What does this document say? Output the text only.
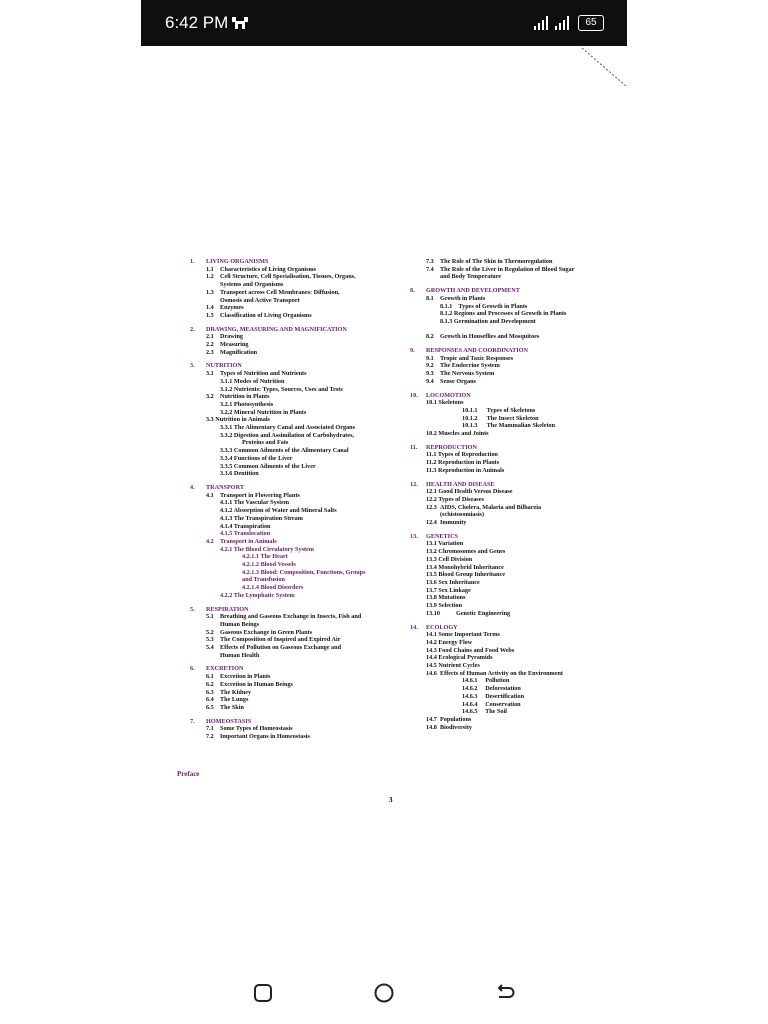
6:42 PM	65
1.	LIVING ORGANISMS
1.1	Characteristics of Living Organisms
1.2	Cell Structure, Cell Specialisation, Tissues, Organs,
Systems and Organisms
1.3	Transport across Cell Membranes: Diffusion,
Osmosis and Active Transport
1.4	Enzymes
1.5	Classification of Living Organisms
2.	DRAWING, MEASURING AND MAGNIFICATION
2.1	Drawing
2.2	Measuring
2.3	Magnification
3.	NUTRITION
3.1	Types of Nutrition and Nutrients
3.1.1 Modes of Nutrition
3.1.2 Nutrients: Types, Sources, Uses and Tests
3.2	Nutrition in Plants
3.2.1 Photosynthesis
3.2.2 Mineral Nutrition in Plants
3.3 Nutrition in Animals
3.3.1 The Alimentary Canal and Associated Organs
3.3.2 Digestion and Assimilation of Carbohydrates,
Proteins and Fats
3.3.3 Common Ailments of the Alimentary Canal
3.3.4 Functions of the Liver
3.3.5 Common Ailments of the Liver
3.3.6 Dentition
4.	TRANSPORT
4.1	Transport in Flowering Plants
4.1.1 The Vascular System
4.1.2 Absorption of Water and Mineral Salts
4.1.3 The Transpiration Stream
4.1.4 Transpiration
4.1.5 Translocation
4.2	Transport in Animals
4.2.1 The Blood Circulatory System
4.2.1.1 The Heart
4.2.1.2 Blood Vessels
4.2.1.3 Blood: Composition, Functions, Groups
and Transfusion
4.2.1.4 Blood Disorders
4.2.2 The Lymphatic System
5.	RESPIRATION
5.1	Breathing and Gaseous Exchange in Insects, Fish and
Human Beings
5.2	Gaseous Exchange in Green Plants
5.3	The Composition of Inspired and Expired Air
5.4	Effects of Pollution on Gaseous Exchange and
Human Health
6.	EXCRETION
6.1	Excretion in Plants
6.2	Excretion in Human Beings
6.3	The Kidney
6.4	The Lungs
6.5	The Skin
7.	HOMEOSTASIS
7.1	Some Types of Homeostasis
7.2	Important Organs in Homeostasis
7.3	The Role of The Skin in Thermoregulation
7.4	The Role of the Liver in Regulation of Blood Sugar
and Body Temperature
8.	GROWTH AND DEVELOPMENT
8.1	Growth in Plants
8.1.1    Types of Growth in Plants
8.1.2 Regions and Processes of Growth in Plants
8.1.3 Germination and Development
8.2	Growth in Houseflies and Mosquitoes
9.	RESPONSES AND COORDINATION
9.1	Tropic and Taxic Responses
9.2	The Endocrine System
9.3	The Nervous System
9.4	Sense Organs
10.	LOCOMOTION
10.1 Skeletons
10.1.1      Types of Skeletons
10.1.2      The Insect Skeleton
10.1.3      The Mammalian Skeleton
10.2 Muscles and Joints
11.	REPRODUCTION
11.1 Types of Reproduction
11.2 Reproduction in Plants
11.3 Reproduction in Animals
12.	HEALTH AND DISEASE
12.1 Good Health Versus Disease
12.2 Types of Diseases
12.3 AIDS, Cholera, Malaria and Bilharzia
(schistosomiasis)
12.4 Immunity
13.	GENETICS
13.1 Variation
13.2 Chromosomes and Genes
13.3 Cell Division
13.4 Monohybrid Inheritance
13.5 Blood Group Inheritance
13.6 Sex Inheritance
13.7 Sex Linkage
13.8 Mutations
13.9 Selection
13.10	Genetic Engineering
14.	ECOLOGY
14.1 Some Important Terms
14.2 Energy Flow
14.3 Food Chains and Food Webs
14.4 Ecological Pyramids
14.5 Nutrient Cycles
14.6 Effects of Human Activity on the Environment
14.6.1     Pollution
14.6.2     Deforestation
14.6.3     Desertification
14.6.4     Conservation
14.6.5     The Soil
14.7 Populations
14.8 Biodiversity
Preface
3
